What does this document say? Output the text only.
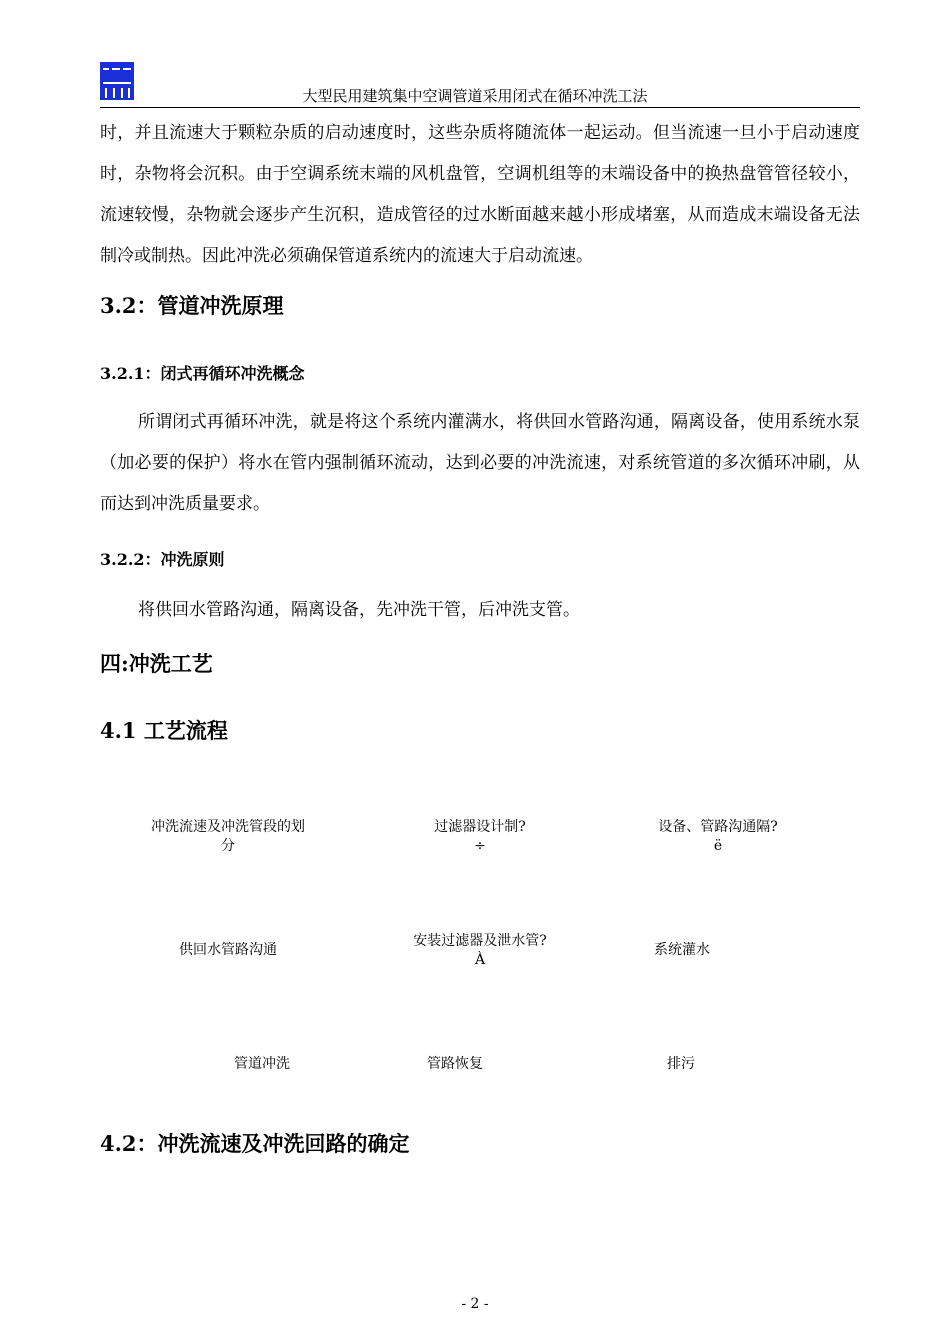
大型民用建筑集中空调管道采用闭式在循环冲洗工法

时，并且流速大于颗粒杂质的启动速度时，这些杂质将随流体一起运动。但当流速一旦小于启动速度时，杂物将会沉积。由于空调系统末端的风机盘管，空调机组等的末端设备中的换热盘管管径较小，流速较慢，杂物就会逐步产生沉积，造成管径的过水断面越来越小形成堵塞，从而造成末端设备无法制冷或制热。因此冲洗必须确保管道系统内的流速大于启动流速。

3.2：管道冲洗原理
3.2.1：闭式再循环冲洗概念

所谓闭式再循环冲洗，就是将这个系统内灌满水，将供回水管路沟通，隔离设备，使用系统水泵（加必要的保护）将水在管内强制循环流动，达到必要的冲洗流速，对系统管道的多次循环冲刷，从而达到冲洗质量要求。

3.2.2：冲洗原则

将供回水管路沟通，隔离设备，先冲洗干管，后冲洗支管。

四:冲洗工艺
4.1 工艺流程
冲洗流速及冲洗管段的划
分
过滤器设计制?
÷
设备、管路沟通隔?
ë
供回水管路沟通
安装过滤器及泄水管?
À
系统灌水
管道冲洗	管路恢复	排污
4.2：冲洗流速及冲洗回路的确定
- 2 -
